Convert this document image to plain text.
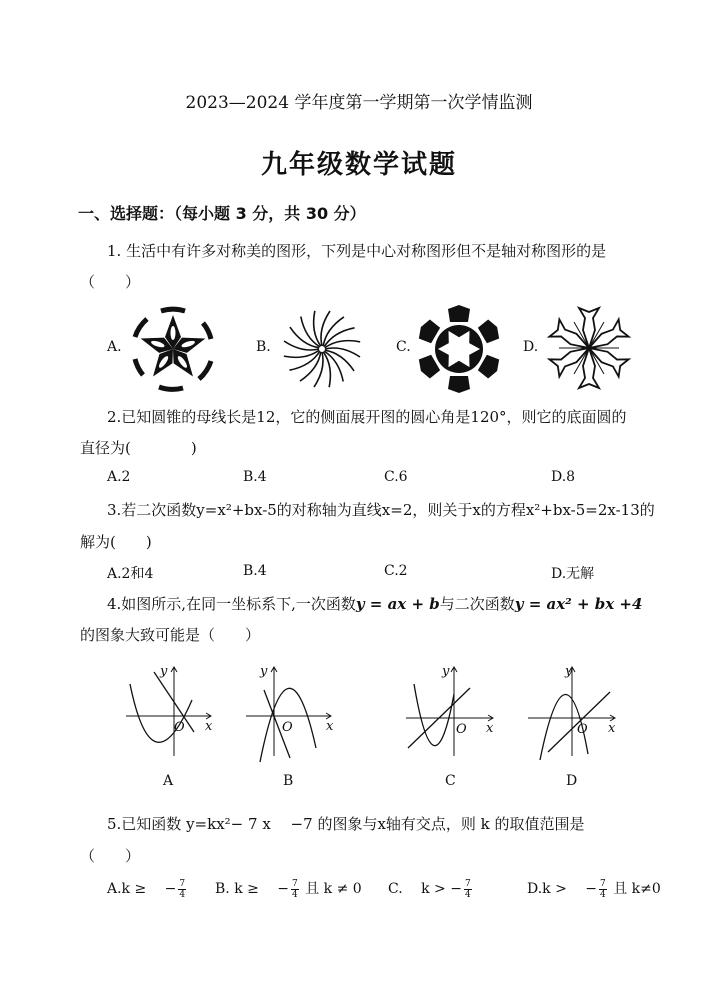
2023—2024 学年度第一学期第一次学情监测
九年级数学试题
一、选择题：（每小题 3 分，共 30 分）
1. 生活中有许多对称美的图形，下列是中心对称图形但不是轴对称图形的是
（　　）
A.	B.	C.	D.
2.已知圆锥的母线长是12，它的侧面展开图的圆心角是120°，则它的底面圆的
直径为(　　　　)
A.2	B.4	C.6	D.8
3.若二次函数y=x²+bx-5的对称轴为直线x=2，则关于x的方程x²+bx-5=2x-13的
解为(　　)
A.2和4	B.4	C.2	D.无解
4.如图所示,在同一坐标系下,一次函数y = ax + b与二次函数y = ax² + bx +4
的图象大致可能是（　　）
y
x
O
A
y
x
O
B
y
x
O
C
y
x
O
D
5.已知函数 y=kx²− 7 x 　−7 的图象与x轴有交点，则 k 的取值范围是
（　　）
A.k ≥ 　− $\frac{7}{4} B$. k ≥ 　− $\frac{7}{4}$ 且 k ≠ 0 C. 　k > − $\frac{7}{4}$	D.k > 　− $\frac{7}{4}$ 且 k≠0
